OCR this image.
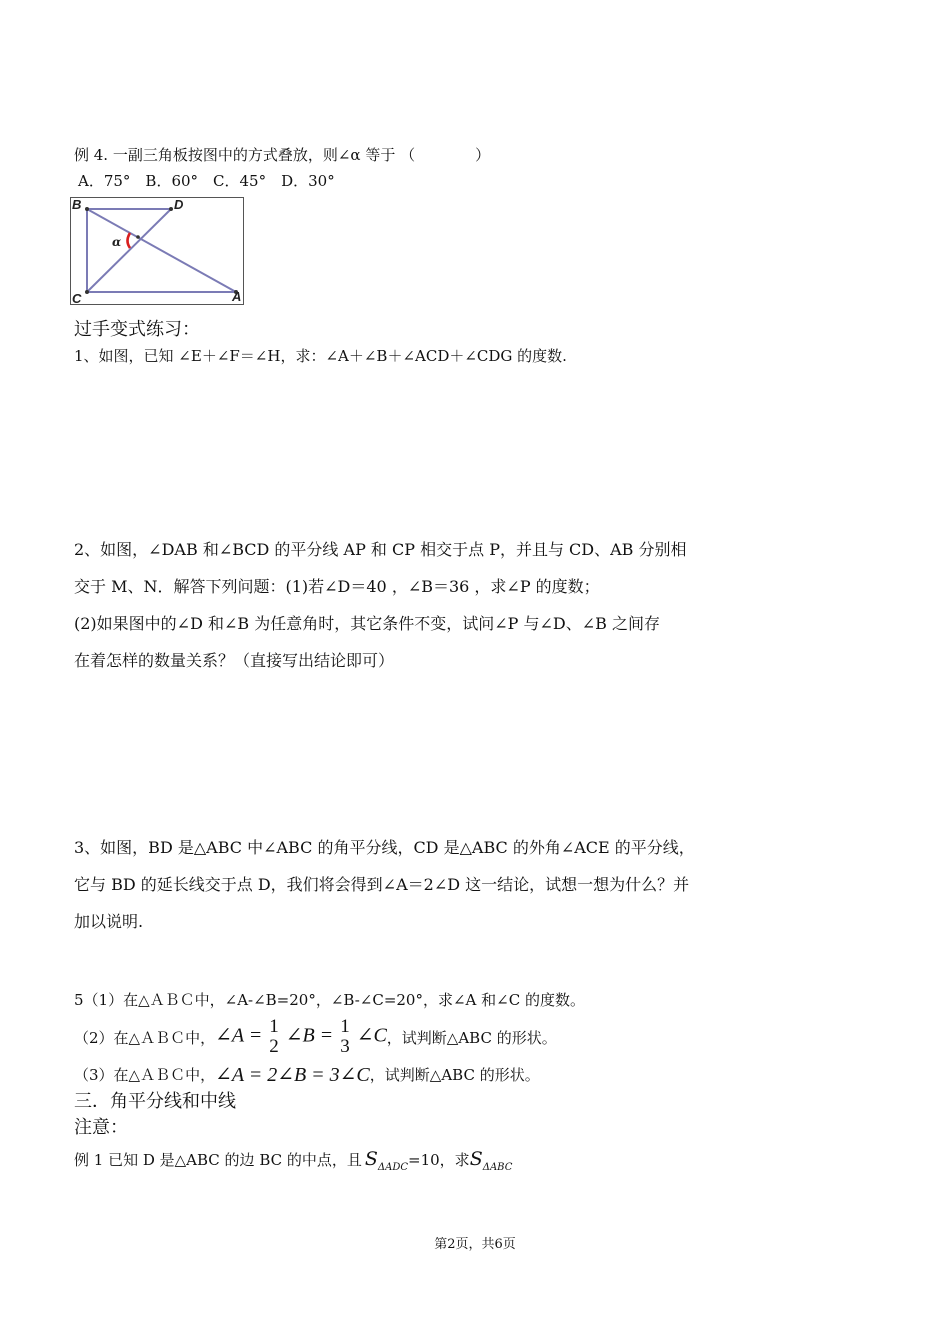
例 4. 一副三角板按图中的方式叠放，则∠α 等于 （　　　　）
A．75°　B．60°　C．45°　D．30°
B	D
C	A
α
过手变式练习：
1、如图，已知 ∠E＋∠F＝∠H，求：∠A＋∠B＋∠ACD＋∠CDG 的度数.
2、如图，∠DAB 和∠BCD 的平分线 AP 和 CP 相交于点 P，并且与 CD、AB 分别相
交于 M、N．解答下列问题：(1)若∠D＝40 ，∠B＝36 ，求∠P 的度数；
(2)如果图中的∠D 和∠B 为任意角时，其它条件不变，试问∠P 与∠D、∠B 之间存
在着怎样的数量关系？（直接写出结论即可）
3、如图，BD 是△ABC 中∠ABC 的角平分线，CD 是△ABC 的外角∠ACE 的平分线，
它与 BD 的延长线交于点 D，我们将会得到∠A＝2∠D 这一结论，试想一想为什么？并
加以说明.
5（1）在△ＡＢＣ中，∠A-∠B=20°，∠B-∠C=20°，求∠A 和∠C 的度数。
（2）在△ＡＢＣ中， ∠A = 1
2 ∠B = 1
3 ∠C ，试判断△ABC 的形状。
（3）在△ＡＢＣ中， ∠A = 2∠B = 3∠C ，试判断△ABC 的形状。
三．角平分线和中线
注意：
例 1 已知 D 是△ABC 的边 BC 的中点，且 S ΔADC =10，求 S ΔABC
第2页，共6页
